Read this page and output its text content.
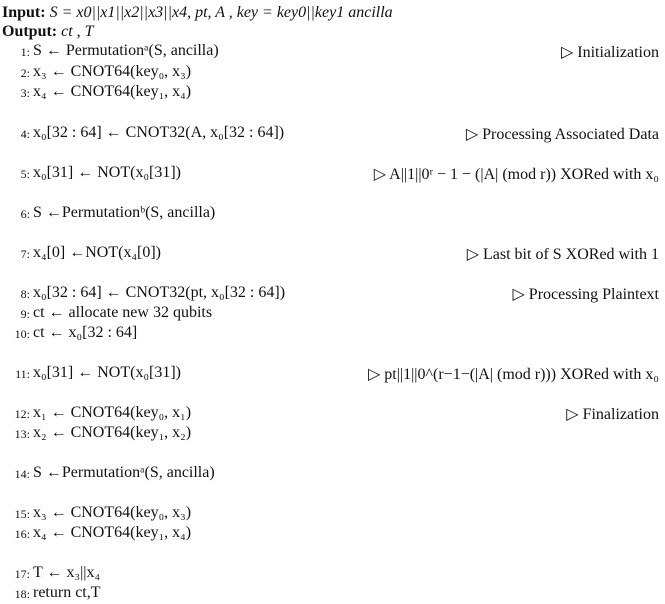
Input: S = x0||x1||x2||x3||x4, pt, A , key = key0||key1 ancilla
Output: ct , T
1: S ← Permutationᵃ(S, ancilla)	▷ Initialization
2: x₃ ← CNOT64(key₀, x₃)
3: x₄ ← CNOT64(key₁, x₄)
4: x₀[32 : 64] ← CNOT32(A, x₀[32 : 64])	▷ Processing Associated Data
5: x₀[31] ← NOT(x₀[31])	▷ A||1||0ʳ − 1 − (|A| (mod r)) XORed with x₀
6: S ←Permutationᵇ(S, ancilla)
7: x₄[0] ←NOT(x₄[0])	▷ Last bit of S XORed with 1
8: x₀[32 : 64] ← CNOT32(pt, x₀[32 : 64])	▷ Processing Plaintext
9: ct ← allocate new 32 qubits
10: ct ← x₀[32 : 64]
11: x₀[31] ← NOT(x₀[31])	▷ pt||1||0^(r−1−(|A| (mod r))) XORed with x₀
12: x₁ ← CNOT64(key₀, x₁)	▷ Finalization
13: x₂ ← CNOT64(key₁, x₂)
14: S ←Permutationᵃ(S, ancilla)
15: x₃ ← CNOT64(key₀, x₃)
16: x₄ ← CNOT64(key₁, x₄)
17: T ← x₃||x₄
18: return ct,T
